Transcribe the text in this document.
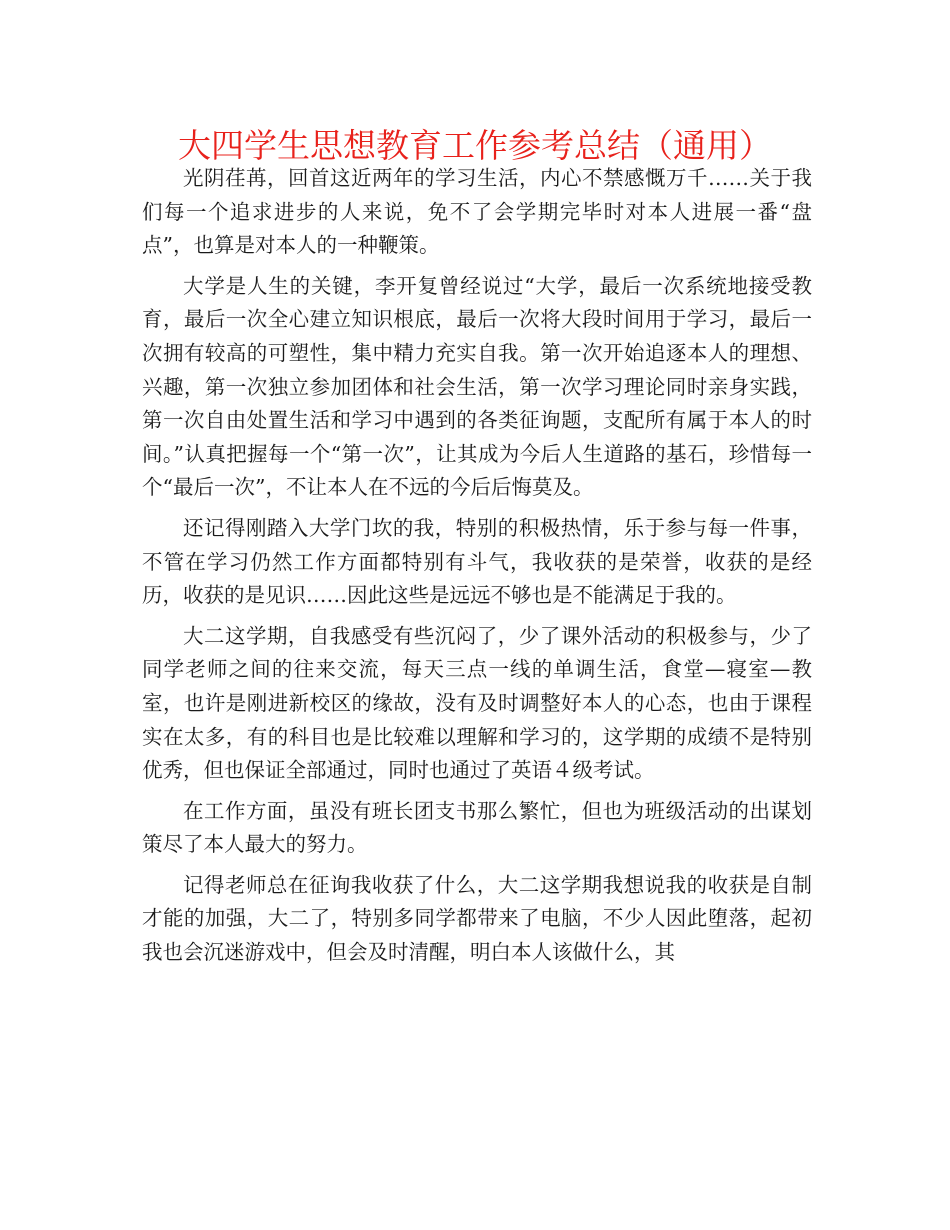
大四学生思想教育工作参考总结（通用）

光阴荏苒，回首这近两年的学习生活，内心不禁感慨万千……关于我们每一个追求进步的人来说，免不了会学期完毕时对本人进展一番“盘点”，也算是对本人的一种鞭策。

大学是人生的关键，李开复曾经说过“大学，最后一次系统地接受教育，最后一次全心建立知识根底，最后一次将大段时间用于学习，最后一次拥有较高的可塑性，集中精力充实自我。第一次开始追逐本人的理想、兴趣，第一次独立参加团体和社会生活，第一次学习理论同时亲身实践，第一次自由处置生活和学习中遇到的各类征询题，支配所有属于本人的时间。”认真把握每一个“第一次”，让其成为今后人生道路的基石，珍惜每一个“最后一次”，不让本人在不远的今后后悔莫及。

还记得刚踏入大学门坎的我，特别的积极热情，乐于参与每一件事，不管在学习仍然工作方面都特别有斗气，我收获的是荣誉，收获的是经历，收获的是见识……因此这些是远远不够也是不能满足于我的。

大二这学期，自我感受有些沉闷了，少了课外活动的积极参与，少了同学老师之间的往来交流，每天三点一线的单调生活，食堂—寝室—教室，也许是刚进新校区的缘故，没有及时调整好本人的心态，也由于课程实在太多，有的科目也是比较难以理解和学习的，这学期的成绩不是特别优秀，但也保证全部通过，同时也通过了英语４级考试。

在工作方面，虽没有班长团支书那么繁忙，但也为班级活动的出谋划策尽了本人最大的努力。

记得老师总在征询我收获了什么，大二这学期我想说我的收获是自制才能的加强，大二了，特别多同学都带来了电脑，不少人因此堕落，起初我也会沉迷游戏中，但会及时清醒，明白本人该做什么，其
